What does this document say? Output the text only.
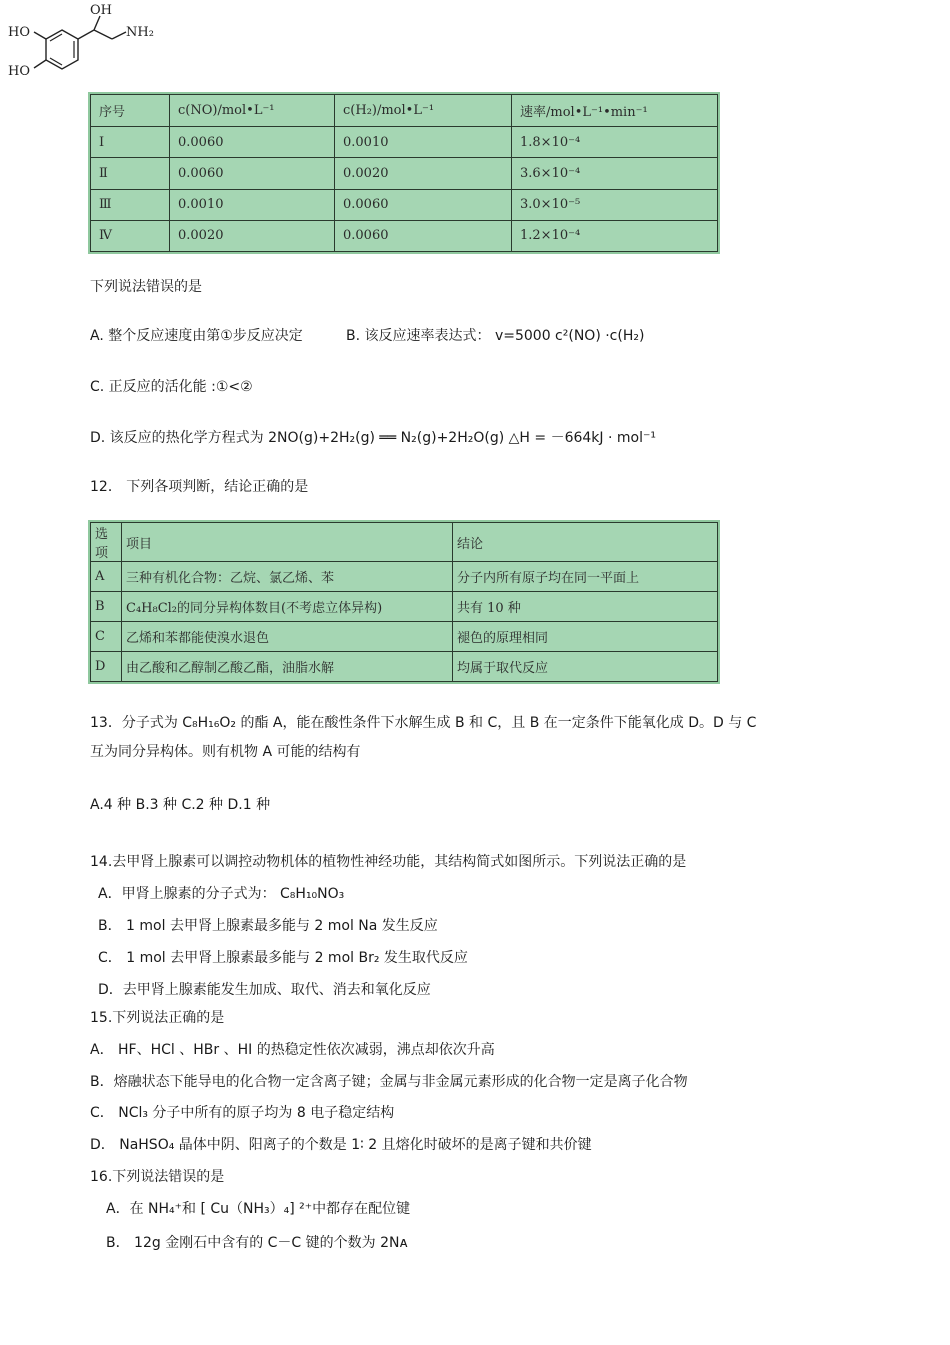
OH
NH₂
HO
HO
序号	c(NO)/mol•L⁻¹	c(H₂)/mol•L⁻¹	速率/mol•L⁻¹•min⁻¹
Ⅰ	0.0060	0.0010	1.8×10⁻⁴
Ⅱ	0.0060	0.0020	3.6×10⁻⁴
Ⅲ	0.0010	0.0060	3.0×10⁻⁵
Ⅳ	0.0020	0.0060	1.2×10⁻⁴
下列说法错误的是
A. 整个反应速度由第①步反应决定	B. 该反应速率表达式： v=5000 c²(NO) ·c(H₂)
C. 正反应的活化能 :①<②
D. 该反应的热化学方程式为 2NO(g)+2H₂(g) ══ N₂(g)+2H₂O(g) △H = －664kJ · mol⁻¹
12． 下列各项判断，结论正确的是
选项	项目	结论
A	三种有机化合物：乙烷、氯乙烯、苯	分子内所有原子均在同一平面上
B	C₄H₈Cl₂的同分异构体数目(不考虑立体异构)	共有 10 种
C	乙烯和苯都能使溴水退色	褪色的原理相同
D	由乙酸和乙醇制乙酸乙酯，油脂水解	均属于取代反应
13．分子式为 C₈H₁₆O₂ 的酯 A，能在酸性条件下水解生成 B 和 C，且 B 在一定条件下能氧化成 D。D 与 C
互为同分异构体。则有机物 A 可能的结构有
A.4 种 B.3 种 C.2 种 D.1 种
14.去甲肾上腺素可以调控动物机体的植物性神经功能，其结构简式如图所示。下列说法正确的是
A．甲肾上腺素的分子式为： C₈H₁₀NO₃
B． 1 mol 去甲肾上腺素最多能与 2 mol Na 发生反应
C． 1 mol 去甲肾上腺素最多能与 2 mol Br₂ 发生取代反应
D．去甲肾上腺素能发生加成、取代、消去和氧化反应
15.下列说法正确的是
A． HF、HCl 、HBr 、HI 的热稳定性依次减弱，沸点却依次升高
B．熔融状态下能导电的化合物一定含离子键；金属与非金属元素形成的化合物一定是离子化合物
C． NCl₃ 分子中所有的原子均为 8 电子稳定结构
D． NaHSO₄ 晶体中阴、阳离子的个数是 1∶ 2 且熔化时破坏的是离子键和共价键
16.下列说法错误的是
A．在 NH₄⁺和 [ Cu（NH₃）₄] ²⁺中都存在配位键
B． 12g 金刚石中含有的 C－C 键的个数为 2Nᴀ
